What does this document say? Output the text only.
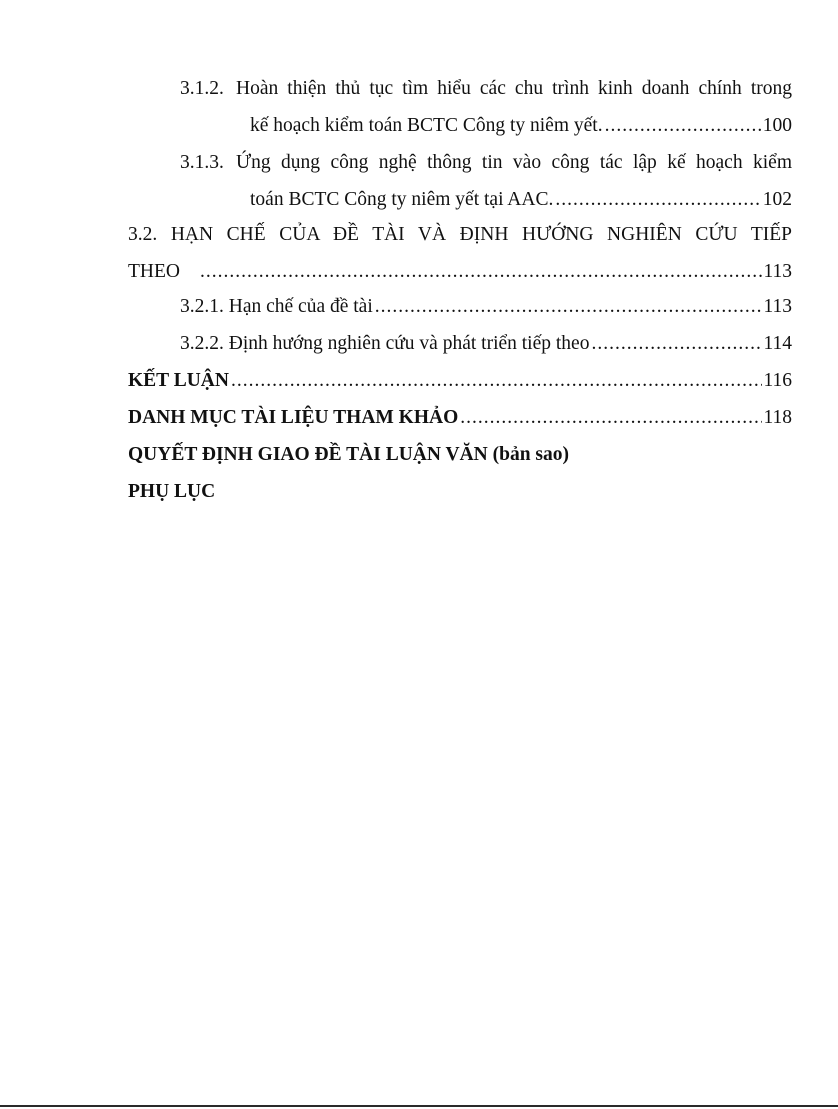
3.1.2. Hoàn thiện thủ tục tìm hiểu các chu trình kinh doanh chính trong
kế hoạch kiểm toán BCTC Công ty niêm yết. .....	100
3.1.3. Ứng dụng công nghệ thông tin vào công tác lập kế hoạch kiểm
toán BCTC Công ty niêm yết tại AAC. .....	102
3.2. HẠN CHẾ CỦA ĐỀ TÀI VÀ ĐỊNH HƯỚNG NGHIÊN CỨU TIẾP
THEO .....	113
3.2.1. Hạn chế của đề tài .....	113
3.2.2. Định hướng nghiên cứu và phát triển tiếp theo .....	114
KẾT LUẬN .....	116
DANH MỤC TÀI LIỆU THAM KHẢO .....	118
QUYẾT ĐỊNH GIAO ĐỀ TÀI LUẬN VĂN (bản sao)
PHỤ LỤC
